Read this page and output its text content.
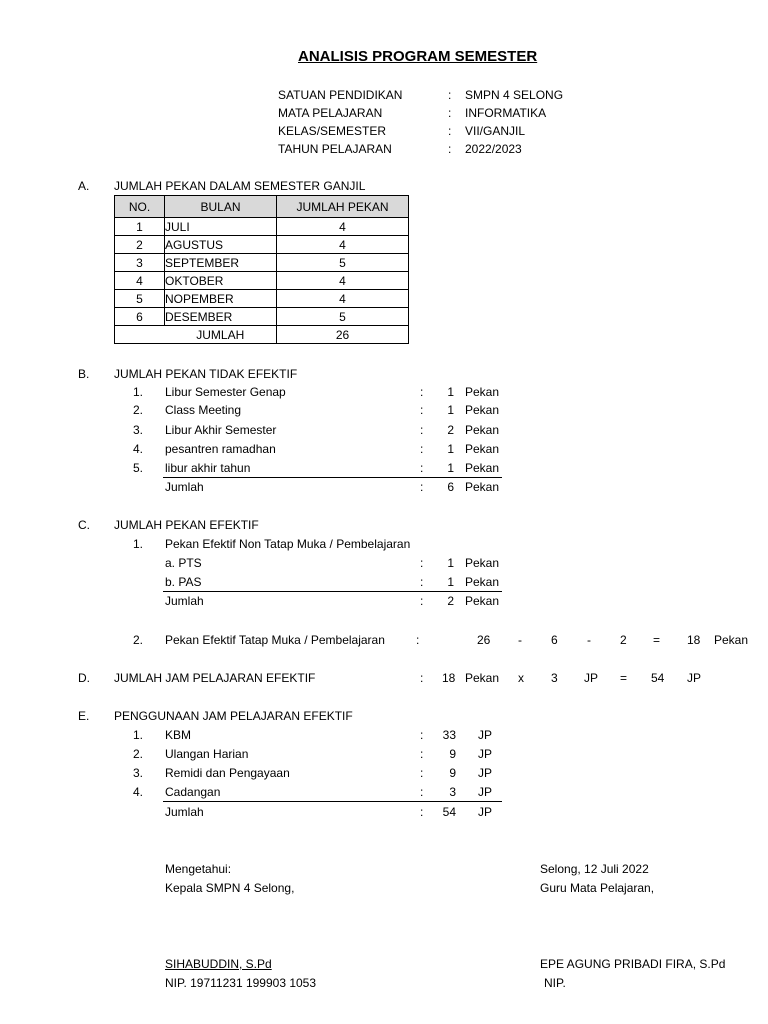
ANALISIS PROGRAM SEMESTER
SATUAN PENDIDIKAN	: SMPN 4 SELONG
MATA PELAJARAN	: INFORMATIKA
KELAS/SEMESTER	: VII/GANJIL
TAHUN PELAJARAN	: 2022/2023
A. JUMLAH PEKAN DALAM SEMESTER GANJIL
NO.	BULAN	JUMLAH PEKAN
1	JULI	4
2	AGUSTUS	4
3	SEPTEMBER	5
4	OKTOBER	4
5	NOPEMBER	4
6	DESEMBER	5
	JUMLAH	26
B. JUMLAH PEKAN TIDAK EFEKTIF
1. Libur Semester Genap	:	1 Pekan
2. Class Meeting	:	1 Pekan
3. Libur Akhir Semester	:	2 Pekan
4. pesantren ramadhan	:	1 Pekan
5. libur akhir tahun	:	1 Pekan
Jumlah	:	6 Pekan
C. JUMLAH PEKAN EFEKTIF
1. Pekan Efektif Non Tatap Muka / Pembelajaran
a. PTS	:	1 Pekan
b. PAS	:	1 Pekan
Jumlah	:	2 Pekan
2. Pekan Efektif Tatap Muka / Pembelajaran	:	26 - 6 - 2 = 18 Pekan
D. JUMLAH JAM PELAJARAN EFEKTIF	: 18 Pekan x 3 JP = 54 JP
E. PENGGUNAAN JAM PELAJARAN EFEKTIF
1. KBM	:	33 JP
2. Ulangan Harian	:	9 JP
3. Remidi dan Pengayaan	:	9 JP
4. Cadangan	:	3 JP
Jumlah	:	54 JP
Mengetahui:
Kepala SMPN 4 Selong,
SIHABUDDIN, S.Pd
NIP. 19711231 199903 1053
Selong, 12 Juli 2022
Guru Mata Pelajaran,
EPE AGUNG PRIBADI FIRA, S.Pd
NIP.
